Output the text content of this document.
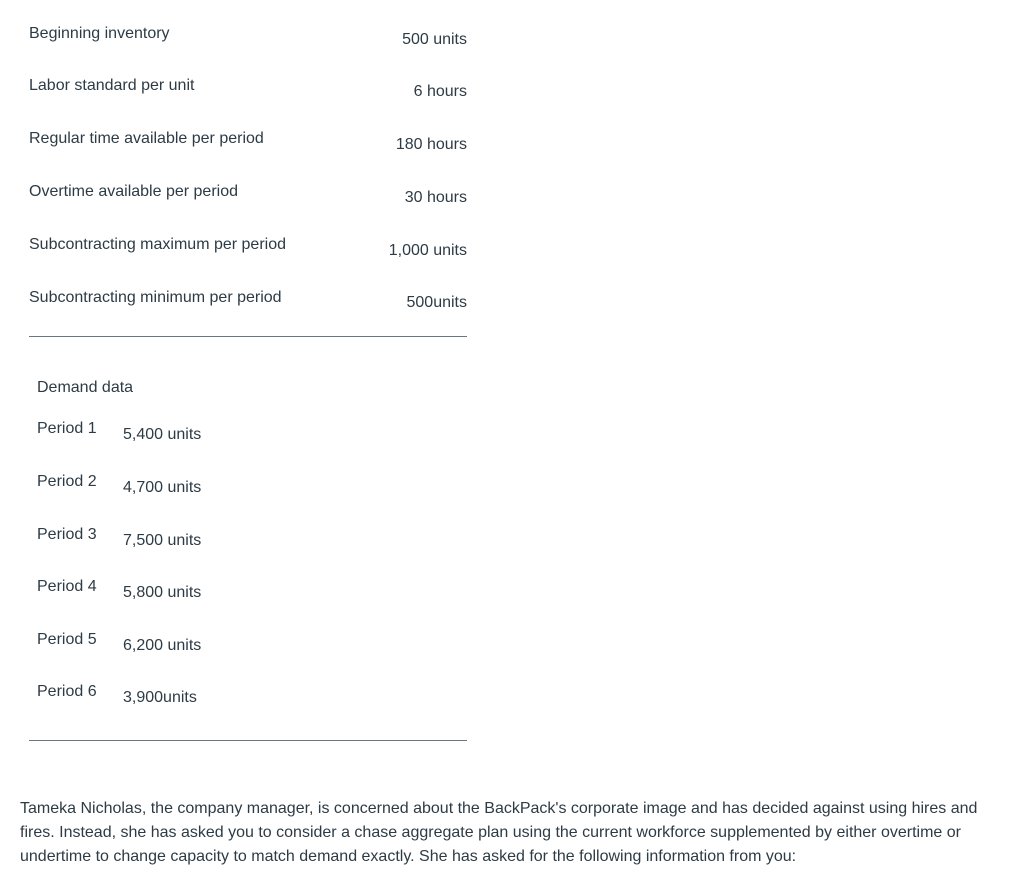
Beginning inventory	500 units
Labor standard per unit	6 hours
Regular time available per period	180 hours
Overtime available per period	30 hours
Subcontracting maximum per period	1,000 units
Subcontracting minimum per period	500units
Demand data
Period 1 5,400 units
Period 2 4,700 units
Period 3 7,500 units
Period 4 5,800 units
Period 5 6,200 units
Period 6 3,900units

Tameka Nicholas, the company manager, is concerned about the BackPack's corporate image and has decided against using hires and fires. Instead, she has asked you to consider a chase aggregate plan using the current workforce supplemented by either overtime or undertime to change capacity to match demand exactly. She has asked for the following information from you:
